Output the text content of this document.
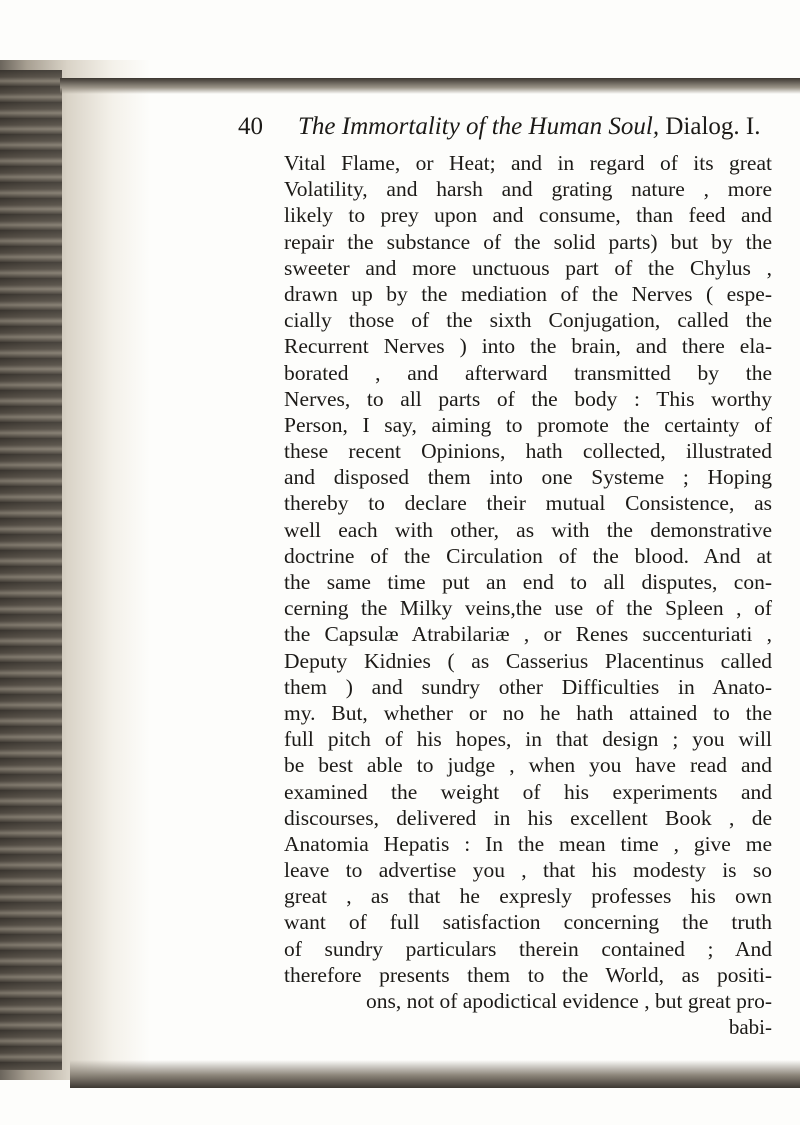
40 The Immortality of the Human Soul, Dialog. I.
Vital Flame, or Heat; and in regard of its great
Volatility, and harsh and grating nature , more
likely to prey upon and consume, than feed and
repair the substance of the solid parts) but by the
sweeter and more unctuous part of the Chylus ,
drawn up by the mediation of the Nerves ( espe-
cially those of the sixth Conjugation, called the
Recurrent Nerves ) into the brain, and there ela-
borated , and afterward transmitted by the
Nerves, to all parts of the body : This worthy
Person, I say, aiming to promote the certainty of
these recent Opinions, hath collected, illustrated
and disposed them into one Systeme ; Hoping
thereby to declare their mutual Consistence, as
well each with other, as with the demonstrative
doctrine of the Circulation of the blood. And at
the same time put an end to all disputes, con-
cerning the Milky veins,the use of the Spleen , of
the Capsulæ Atrabilariæ , or Renes succenturiati ,
Deputy Kidnies ( as Casserius Placentinus called
them ) and sundry other Difficulties in Anato-
my. But, whether or no he hath attained to the
full pitch of his hopes, in that design ; you will
be best able to judge , when you have read and
examined the weight of his experiments and
discourses, delivered in his excellent Book , de
Anatomia Hepatis : In the mean time , give me
leave to advertise you , that his modesty is so
great , as that he expresly professes his own
want of full satisfaction concerning the truth
of sundry particulars therein contained ; And
therefore presents them to the World, as positi-
ons, not of apodictical evidence , but great pro-
babi-
